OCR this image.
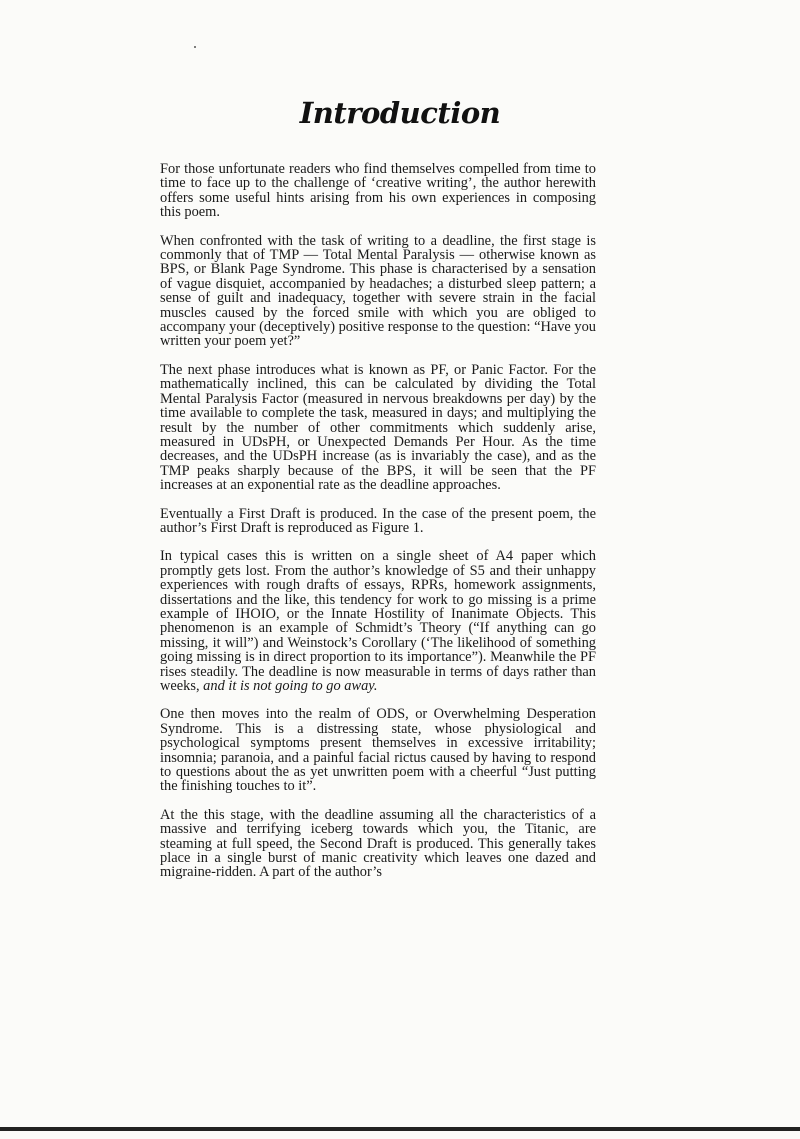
Introduction

For those unfortunate readers who find themselves compelled from time to time to face up to the challenge of ‘creative writing’, the author herewith offers some useful hints arising from his own experiences in composing this poem.

When confronted with the task of writing to a deadline, the first stage is commonly that of TMP — Total Mental Paralysis — otherwise known as BPS, or Blank Page Syndrome. This phase is characterised by a sensation of vague disquiet, accompanied by headaches; a disturbed sleep pattern; a sense of guilt and inadequacy, together with severe strain in the facial muscles caused by the forced smile with which you are obliged to accompany your (deceptively) positive response to the question: “Have you written your poem yet?”

The next phase introduces what is known as PF, or Panic Factor. For the mathematically inclined, this can be calculated by dividing the Total Mental Paralysis Factor (measured in nervous breakdowns per day) by the time available to complete the task, measured in days; and multiplying the result by the number of other commitments which suddenly arise, measured in UDsPH, or Unexpected Demands Per Hour. As the time decreases, and the UDsPH increase (as is invariably the case), and as the TMP peaks sharply because of the BPS, it will be seen that the PF increases at an exponential rate as the deadline approaches.

Eventually a First Draft is produced. In the case of the present poem, the author’s First Draft is reproduced as Figure 1.

In typical cases this is written on a single sheet of A4 paper which promptly gets lost. From the author’s knowledge of S5 and their unhappy experiences with rough drafts of essays, RPRs, homework assignments, dissertations and the like, this tendency for work to go missing is a prime example of IHOIO, or the Innate Hostility of Inanimate Objects. This phenomenon is an example of Schmidt’s Theory (“If anything can go missing, it will”) and Weinstock’s Corollary (‘The likelihood of something going missing is in direct proportion to its importance”). Meanwhile the PF rises steadily. The deadline is now measurable in terms of days rather than weeks, and it is not going to go away.

One then moves into the realm of ODS, or Overwhelming Desperation Syndrome. This is a distressing state, whose physiological and psychological symptoms present themselves in excessive irritability; insomnia; paranoia, and a painful facial rictus caused by having to respond to questions about the as yet unwritten poem with a cheerful “Just putting the finishing touches to it”.

At the this stage, with the deadline assuming all the characteristics of a massive and terrifying iceberg towards which you, the Titanic, are steaming at full speed, the Second Draft is produced. This generally takes place in a single burst of manic creativity which leaves one dazed and migraine-ridden. A part of the author’s
